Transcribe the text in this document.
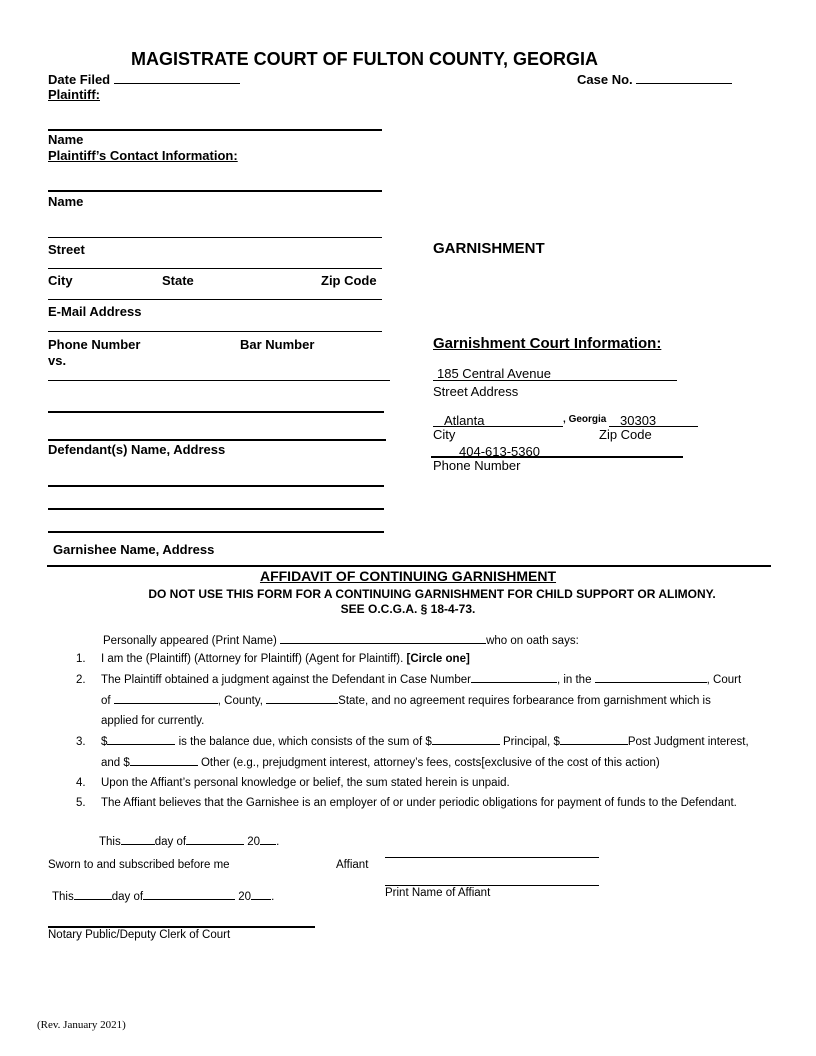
MAGISTRATE COURT OF FULTON COUNTY, GEORGIA
Date Filed	Case No.
Plaintiff:
Name
Plaintiff’s Contact Information:
Name
Street
City	State	Zip Code
E-Mail Address
Phone Number	Bar Number
vs.
Defendant(s) Name, Address
Garnishee Name, Address
GARNISHMENT
Garnishment Court Information:
185 Central Avenue
Street Address
Atlanta	, Georgia 30303
City	Zip Code
404-613-5360
Phone Number
AFFIDAVIT OF CONTINUING GARNISHMENT
DO NOT USE THIS FORM FOR A CONTINUING GARNISHMENT FOR CHILD SUPPORT OR ALIMONY.
SEE O.C.G.A. § 18-4-73.
Personally appeared (Print Name)	who on oath says:
1. I am the (Plaintiff) (Attorney for Plaintiff) (Agent for Plaintiff). [Circle one]
2. The Plaintiff obtained a judgment against the Defendant in Case Number	, in the	, Court
of	, County,	State, and no agreement requires forbearance from garnishment which is
applied for currently.
3. $	is the balance due, which consists of the sum of $	Principal, $	Post Judgment interest,
and $	Other (e.g., prejudgment interest, attorney’s fees, costs[exclusive of the cost of this action)
4. Upon the Affiant’s personal knowledge or belief, the sum stated herein is unpaid.
5. The Affiant believes that the Garnishee is an employer of or under periodic obligations for payment of funds to the Defendant.
This	day of	20 .
Sworn to and subscribed before me	Affiant
This	day of	20 .	Print Name of Affiant
Notary Public/Deputy Clerk of Court
(Rev. January 2021)
